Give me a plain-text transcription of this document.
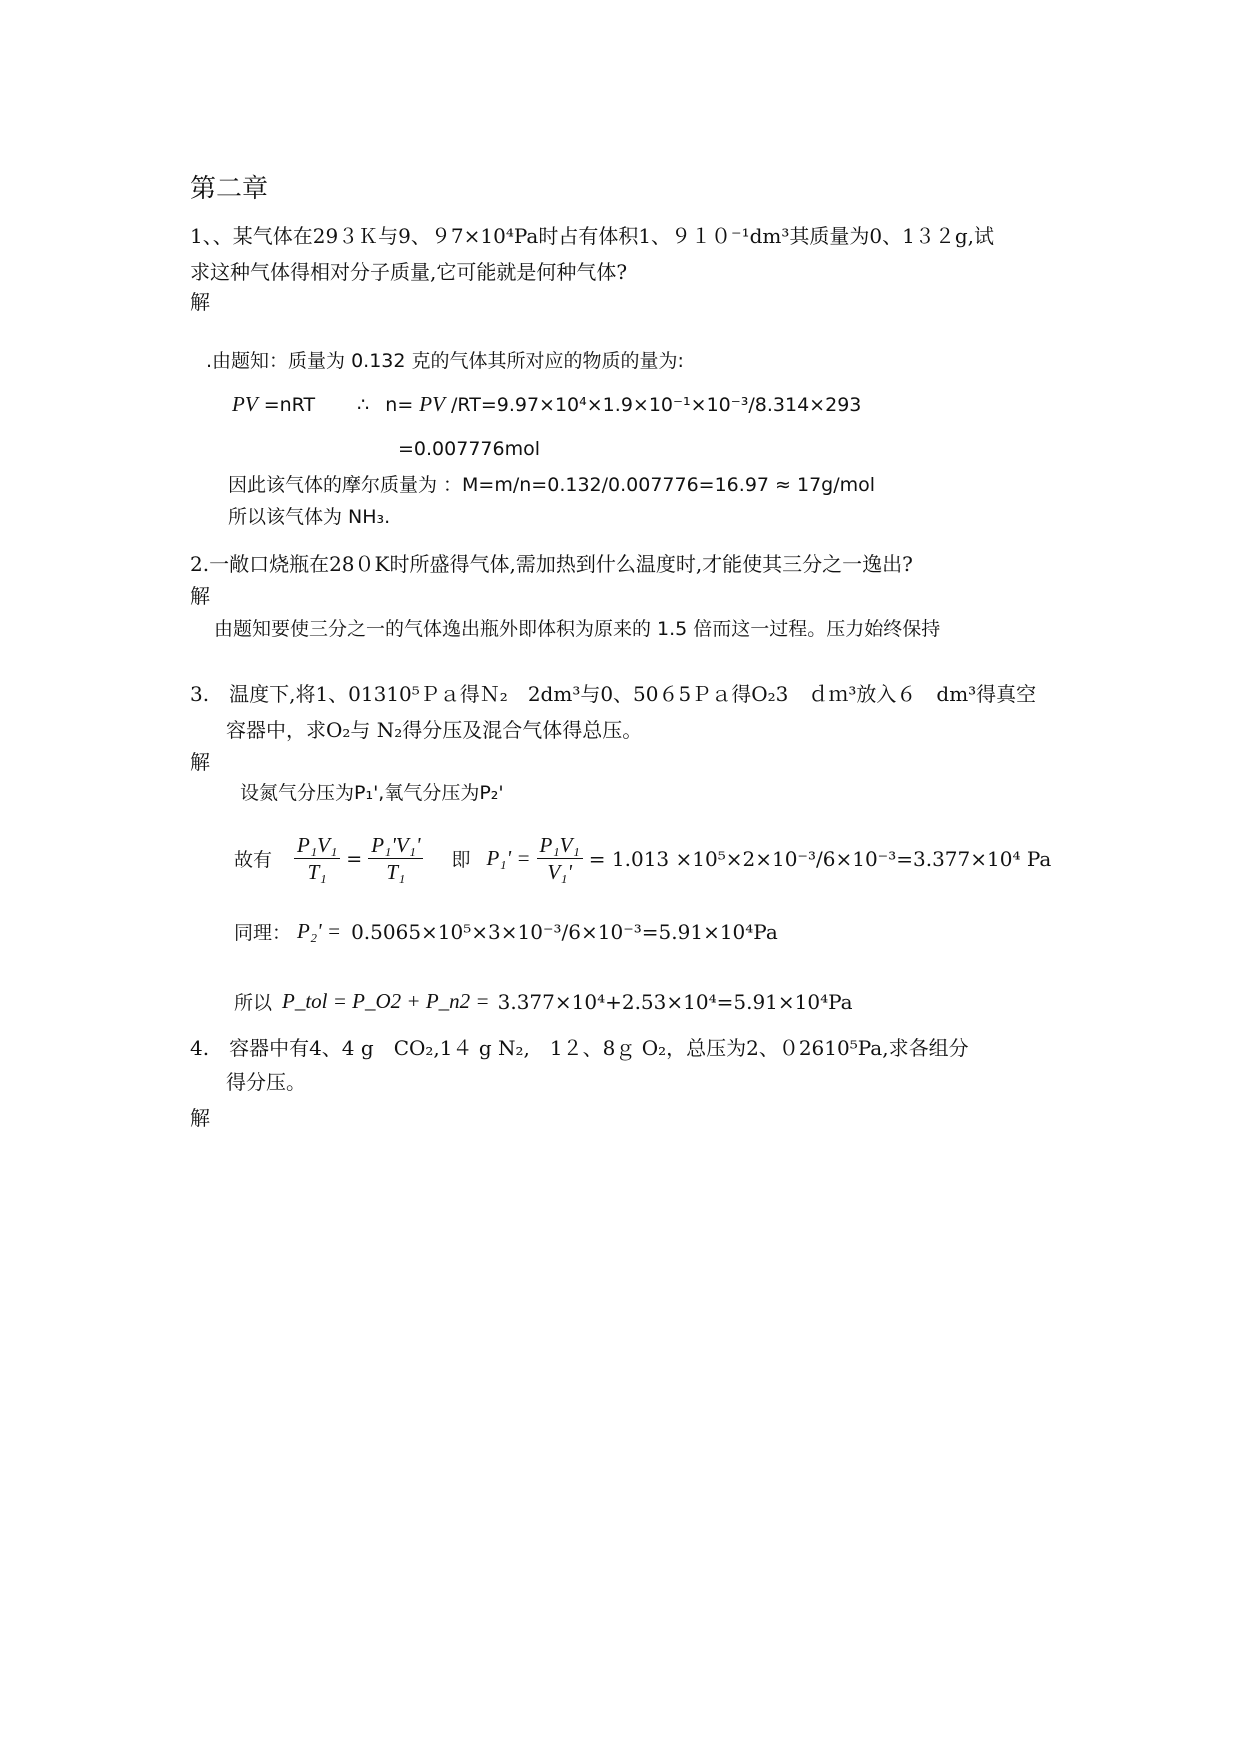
第二章
1、、某气体在29３Ｋ与9、９7×10⁴Pa时占有体积1、９１０⁻¹dm³其质量为0、1３２g,试
求这种气体得相对分子质量,它可能就是何种气体?
解
.由题知：质量为 0.132 克的气体其所对应的物质的量为:
PV =nRT ∴ n= PV /RT=9.97×10⁴×1.9×10⁻¹×10⁻³/8.314×293
=0.007776mol
因此该气体的摩尔质量为 ：M=m/n=0.132/0.007776=16.97 ≈ 17g/mol
所以该气体为 NH₃.
2.一敞口烧瓶在28０K时所盛得气体,需加热到什么温度时,才能使其三分之一逸出?
解
由题知要使三分之一的气体逸出瓶外即体积为原来的 1.5 倍而这一过程。压力始终保持
3.　温度下,将1、01310⁵Ｐａ得Ｎ₂　2dm³与0、50６5Ｐａ得O₂3　ｄｍ³放入６　dm³得真空
容器中，求O₂与 N₂得分压及混合气体得总压。
解
设氮气分压为P₁',氧气分压为P₂'
故有 $\frac{\text{P₁V₁}}{\text{T₁}} = \frac{\text{P₁'V₁'}}{\text{T₁}}$ 即 $P_1' = \frac{\text{P₁V₁}}{\text{V₁'}} = 1.013 \times 10^5\times 2\times 10^{-3}/6\times 10^{-3}=3.377\times 10^4$ Pa
同理： P₂' = 0.5065×10⁵×3×10⁻³/6×10⁻³=5.91×10⁴Pa
所以 P_tol = P_O2 + P_n2 = 3.377×10⁴+2.53×10⁴=5.91×10⁴Pa
4.　容器中有4、4 g　CO₂,1４ g N₂,　1２、8ｇ O₂，总压为2、０2610⁵Pa,求各组分
得分压。
解
